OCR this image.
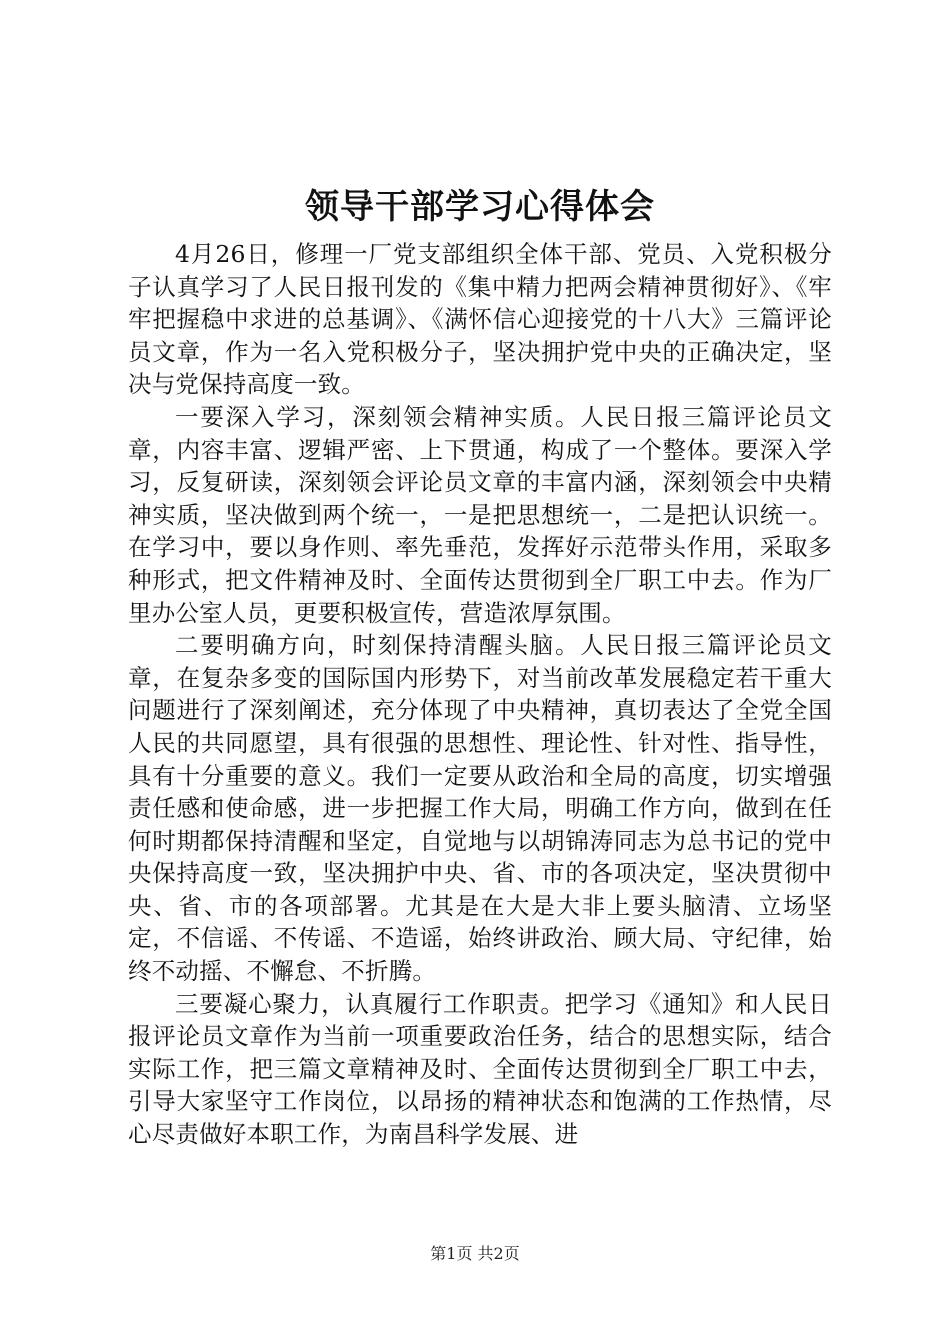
领导干部学习心得体会

4月26日，修理一厂党支部组织全体干部、党员、入党积极分子认真学习了人民日报刊发的《集中精力把两会精神贯彻好》、《牢牢把握稳中求进的总基调》、《满怀信心迎接党的十八大》三篇评论员文章，作为一名入党积极分子，坚决拥护党中央的正确决定，坚决与党保持高度一致。

一要深入学习，深刻领会精神实质。人民日报三篇评论员文章，内容丰富、逻辑严密、上下贯通，构成了一个整体。要深入学习，反复研读，深刻领会评论员文章的丰富内涵，深刻领会中央精神实质，坚决做到两个统一，一是把思想统一，二是把认识统一。在学习中，要以身作则、率先垂范，发挥好示范带头作用，采取多种形式，把文件精神及时、全面传达贯彻到全厂职工中去。作为厂里办公室人员，更要积极宣传，营造浓厚氛围。

二要明确方向，时刻保持清醒头脑。人民日报三篇评论员文章，在复杂多变的国际国内形势下，对当前改革发展稳定若干重大问题进行了深刻阐述，充分体现了中央精神，真切表达了全党全国人民的共同愿望，具有很强的思想性、理论性、针对性、指导性，具有十分重要的意义。我们一定要从政治和全局的高度，切实增强责任感和使命感，进一步把握工作大局，明确工作方向，做到在任何时期都保持清醒和坚定，自觉地与以胡锦涛同志为总书记的党中央保持高度一致，坚决拥护中央、省、市的各项决定，坚决贯彻中央、省、市的各项部署。尤其是在大是大非上要头脑清、立场坚定，不信谣、不传谣、不造谣，始终讲政治、顾大局、守纪律，始终不动摇、不懈怠、不折腾。

三要凝心聚力，认真履行工作职责。把学习《通知》和人民日报评论员文章作为当前一项重要政治任务，结合的思想实际，结合实际工作，把三篇文章精神及时、全面传达贯彻到全厂职工中去，引导大家坚守工作岗位，以昂扬的精神状态和饱满的工作热情，尽心尽责做好本职工作，为南昌科学发展、进

第1页 共2页
